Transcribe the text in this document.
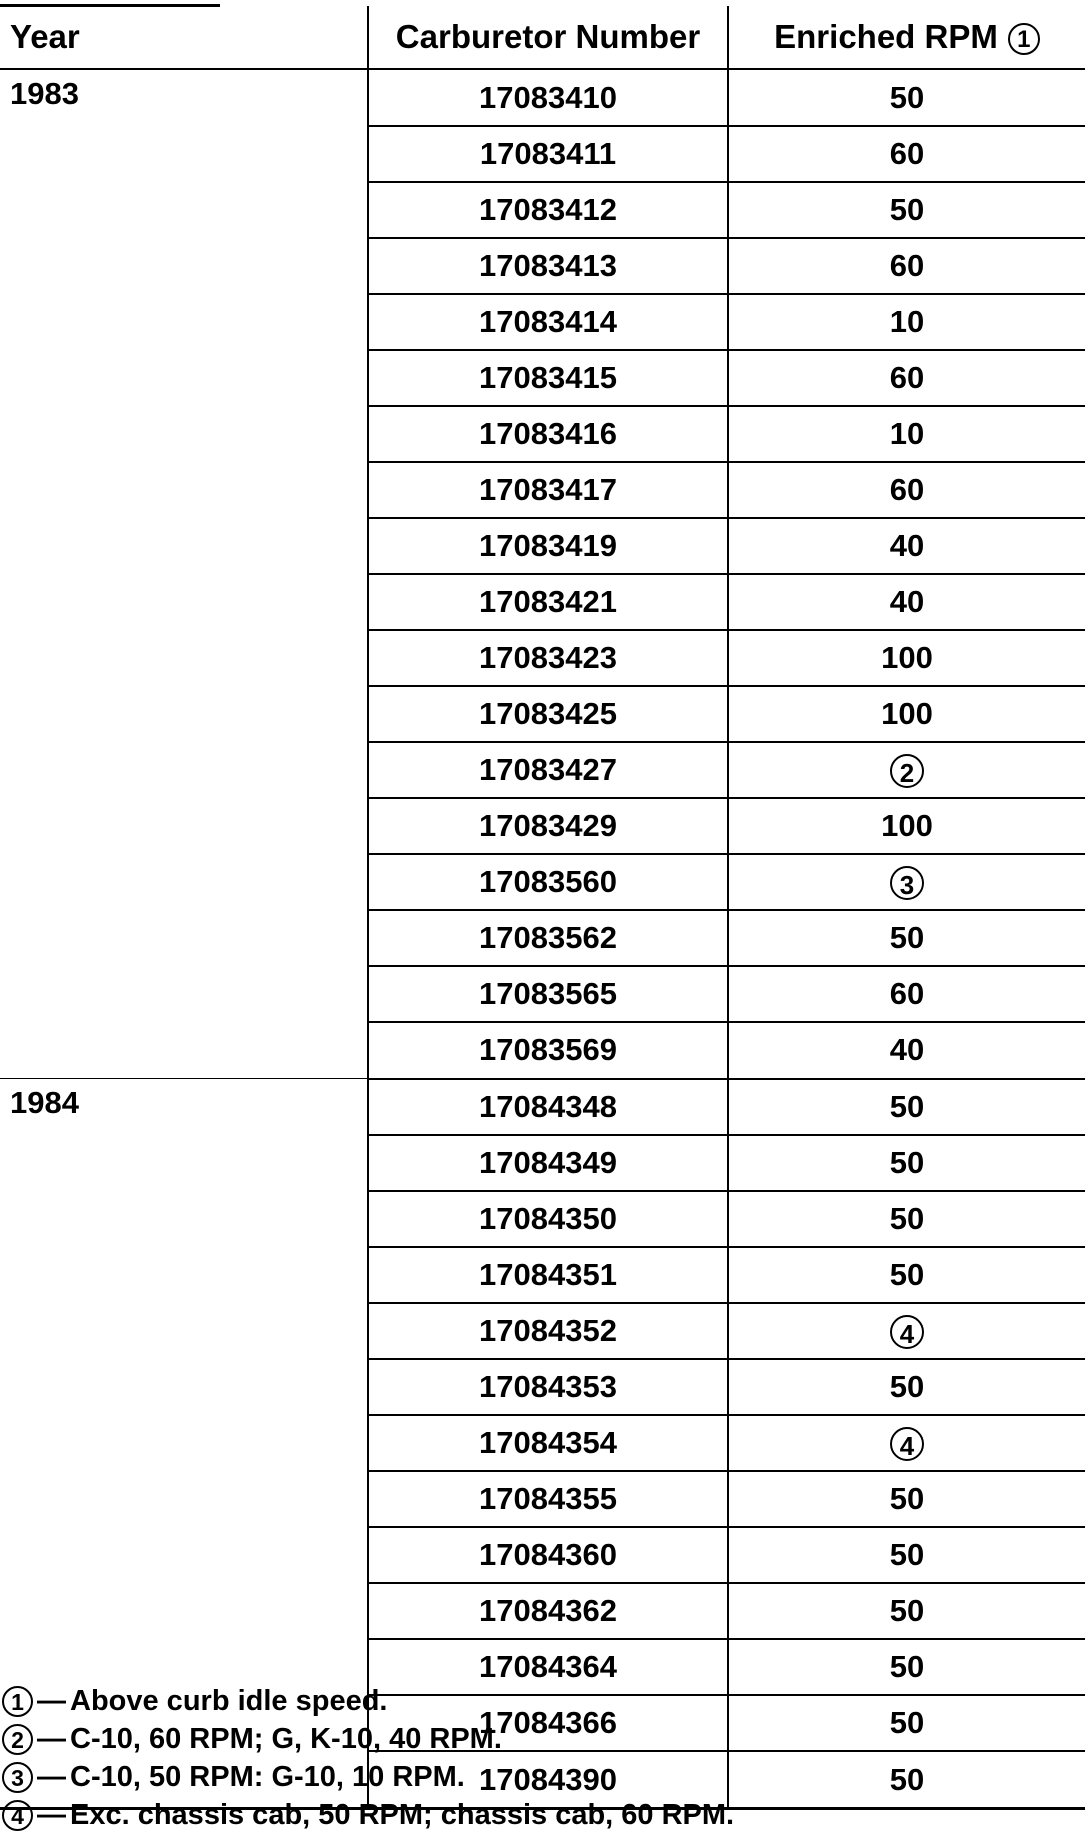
Year	Carburetor Number	Enriched RPM 1
1983	17083410	50
	17083411	60
	17083412	50
	17083413	60
	17083414	10
	17083415	60
	17083416	10
	17083417	60
	17083419	40
	17083421	40
	17083423	100
	17083425	100
	17083427	2
	17083429	100
	17083560	3
	17083562	50
	17083565	60
	17083569	40
1984	17084348	50
	17084349	50
	17084350	50
	17084351	50
	17084352	4
	17084353	50
	17084354	4
	17084355	50
	17084360	50
	17084362	50
	17084364	50
	17084366	50
	17084390	50
1 — Above curb idle speed.
2 — C-10, 60 RPM; G, K-10, 40 RPM.
3 — C-10, 50 RPM: G-10, 10 RPM.
4 — Exc. chassis cab, 50 RPM; chassis cab, 60 RPM.
